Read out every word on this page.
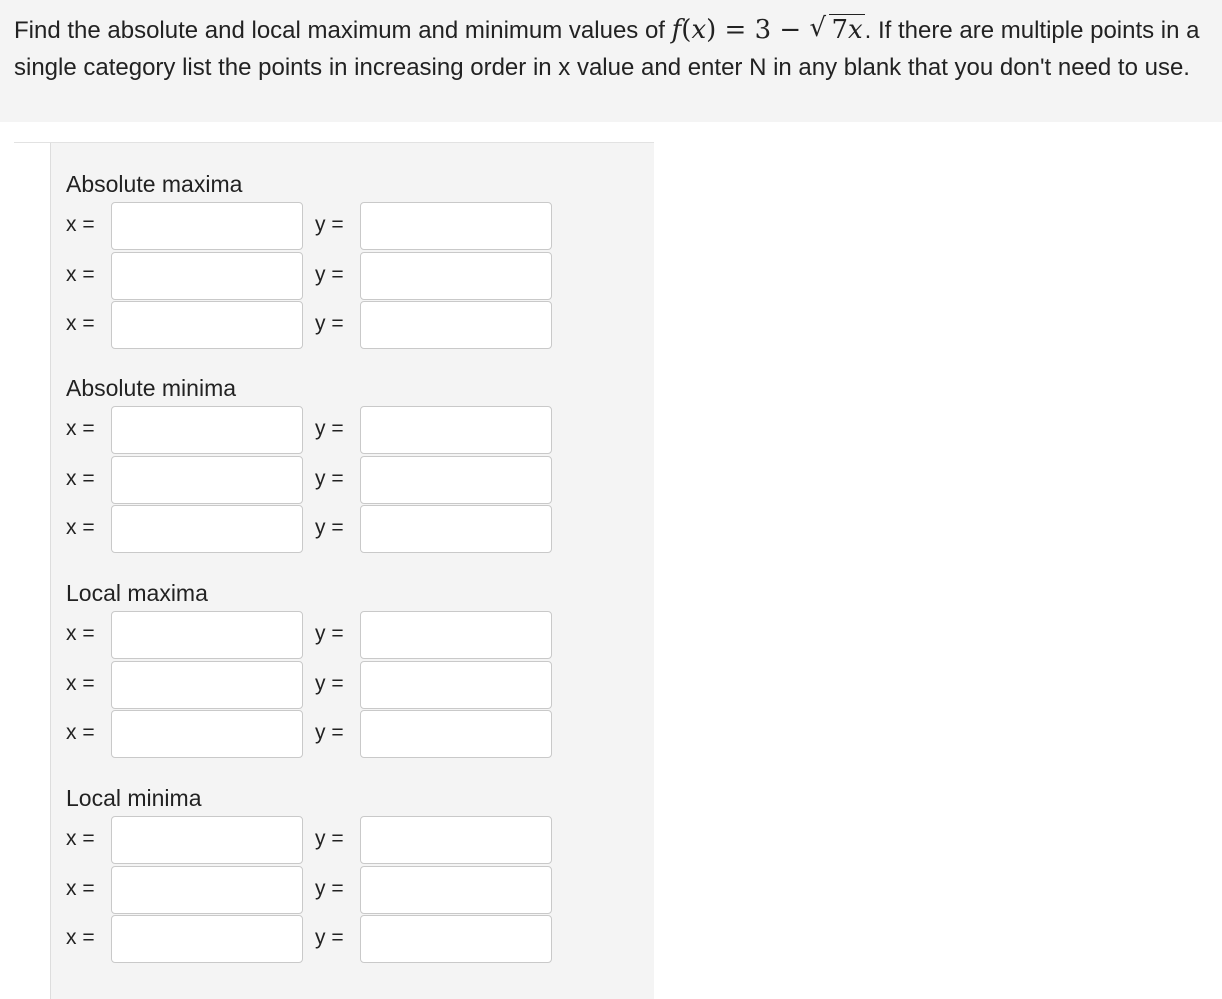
Find the absolute and local maximum and minimum values of f(x) = 3 − √ 7x. If there are multiple points in a single category list the points in increasing order in x value and enter N in any blank that you don't need to use.
Absolute maxima
x =	y =
x =	y =
x =	y =
Absolute minima
x =	y =
x =	y =
x =	y =
Local maxima
x =	y =
x =	y =
x =	y =
Local minima
x =	y =
x =	y =
x =	y =
